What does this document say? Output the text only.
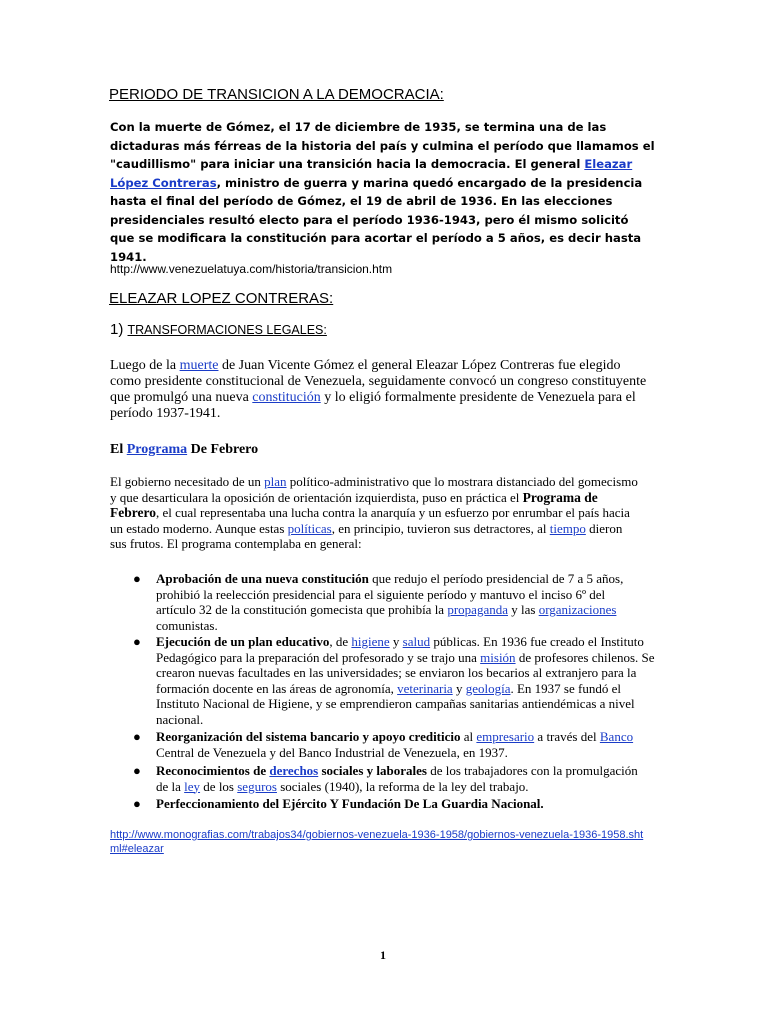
PERIODO DE TRANSICION A LA DEMOCRACIA:
Con la muerte de Gómez, el 17 de diciembre de 1935, se termina una de las dictaduras más férreas de la historia del país y culmina el período que llamamos el "caudillismo" para iniciar una transición hacia la democracia. El general Eleazar López Contreras, ministro de guerra y marina quedó encargado de la presidencia hasta el final del período de Gómez, el 19 de abril de 1936. En las elecciones presidenciales resultó electo para el período 1936-1943, pero él mismo solicitó que se modificara la constitución para acortar el período a 5 años, es decir hasta 1941.
http://www.venezuelatuya.com/historia/transicion.htm
ELEAZAR LOPEZ CONTRERAS:
1) TRANSFORMACIONES LEGALES:
Luego de la muerte de Juan Vicente Gómez el general Eleazar López Contreras fue elegido como presidente constitucional de Venezuela, seguidamente convocó un congreso constituyente que promulgó una nueva constitución y lo eligió formalmente presidente de Venezuela para el período 1937-1941.
El Programa De Febrero
El gobierno necesitado de un plan político-administrativo que lo mostrara distanciado del gomecismo y que desarticulara la oposición de orientación izquierdista, puso en práctica el Programa de Febrero, el cual representaba una lucha contra la anarquía y un esfuerzo por enrumbar el país hacia un estado moderno. Aunque estas políticas, en principio, tuvieron sus detractores, al tiempo dieron sus frutos. El programa contemplaba en general:
● Aprobación de una nueva constitución que redujo el período presidencial de 7 a 5 años, prohibió la reelección presidencial para el siguiente período y mantuvo el inciso 6º del artículo 32 de la constitución gomecista que prohibía la propaganda y las organizaciones comunistas.
● Ejecución de un plan educativo, de higiene y salud públicas. En 1936 fue creado el Instituto Pedagógico para la preparación del profesorado y se trajo una misión de profesores chilenos. Se crearon nuevas facultades en las universidades; se enviaron los becarios al extranjero para la formación docente en las áreas de agronomía, veterinaria y geología. En 1937 se fundó el Instituto Nacional de Higiene, y se emprendieron campañas sanitarias antiendémicas a nivel nacional.
● Reorganización del sistema bancario y apoyo crediticio al empresario a través del Banco Central de Venezuela y del Banco Industrial de Venezuela, en 1937.
● Reconocimientos de derechos sociales y laborales de los trabajadores con la promulgación de la ley de los seguros sociales (1940), la reforma de la ley del trabajo.
● Perfeccionamiento del Ejército Y Fundación De La Guardia Nacional.
http://www.monografias.com/trabajos34/gobiernos-venezuela-1936-1958/gobiernos-venezuela-1936-1958.shtml#eleazar
1
